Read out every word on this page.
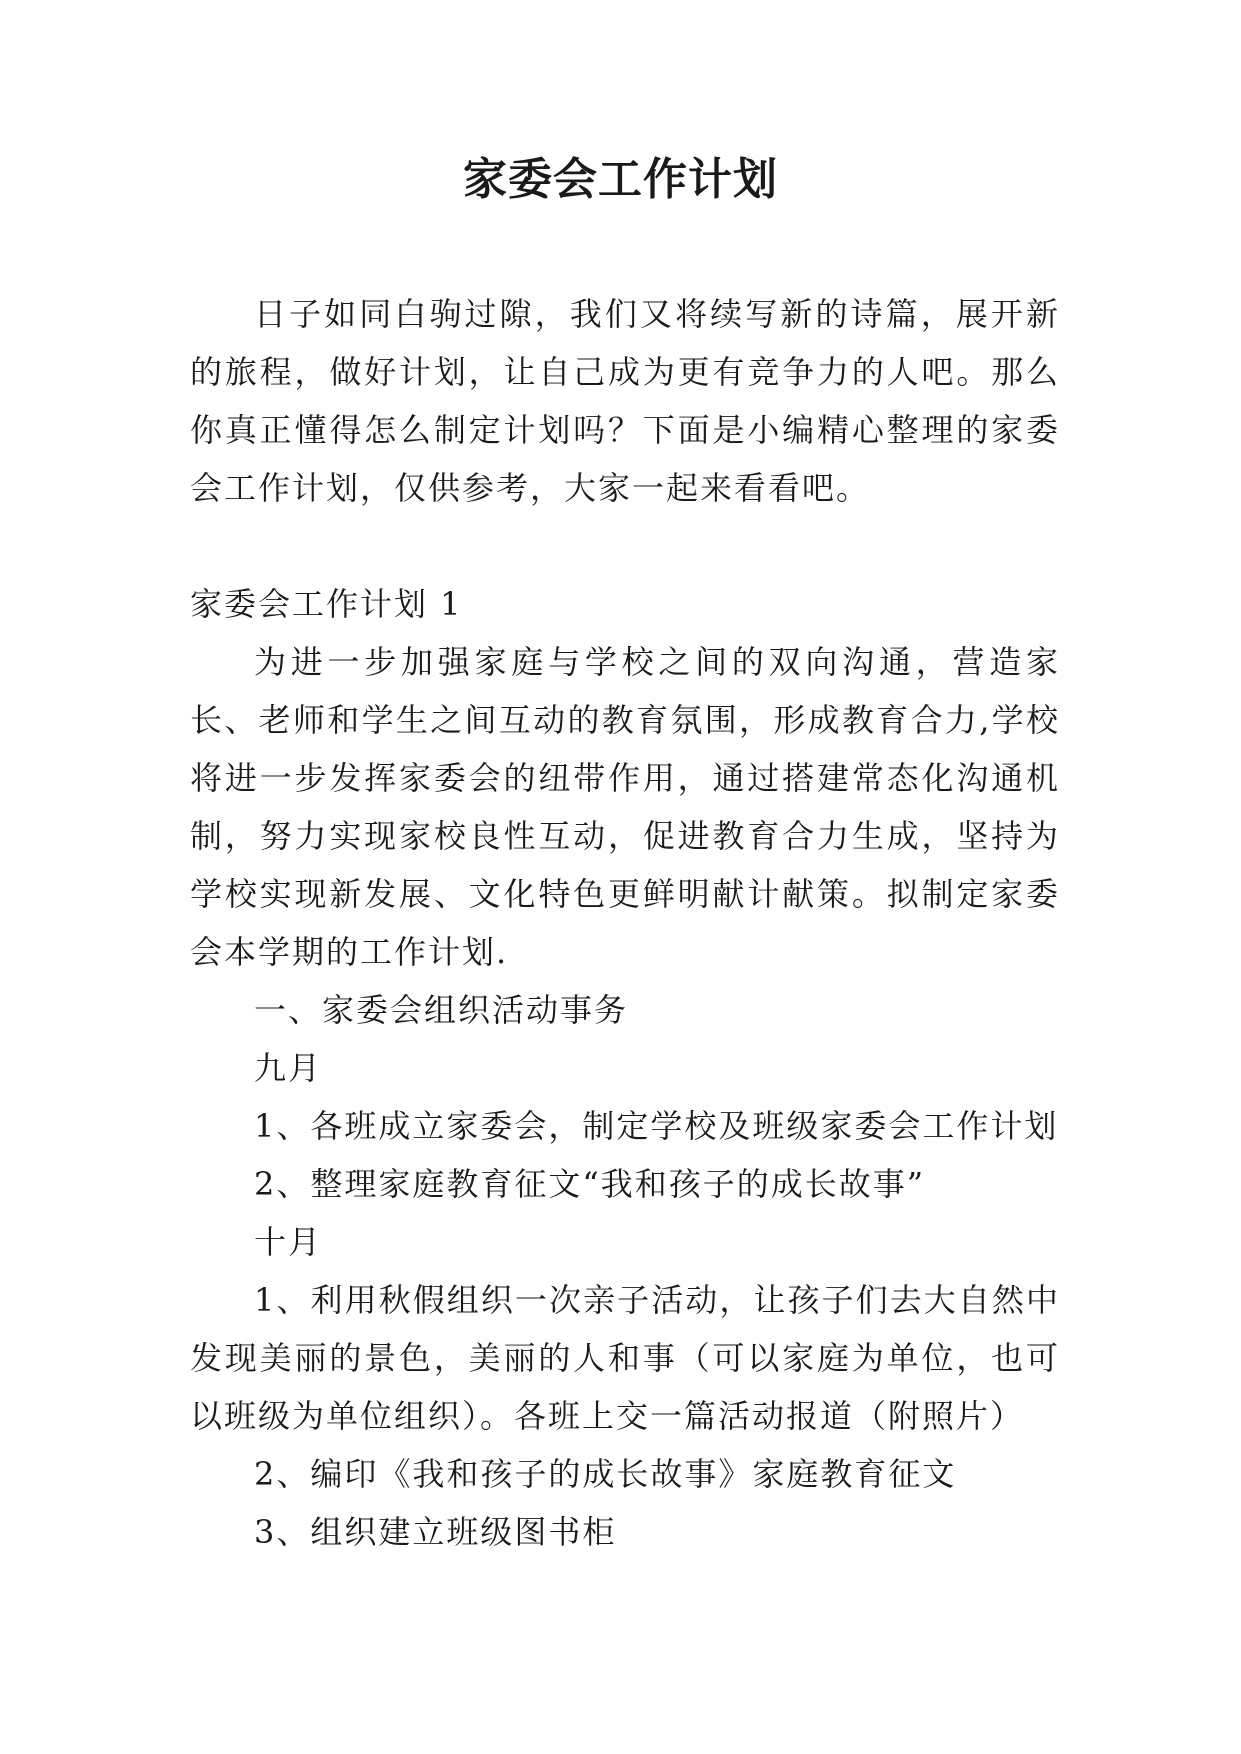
家委会工作计划

日子如同白驹过隙，我们又将续写新的诗篇，展开新的旅程，做好计划，让自己成为更有竞争力的人吧。那么你真正懂得怎么制定计划吗？下面是小编精心整理的家委会工作计划，仅供参考，大家一起来看看吧。

家委会工作计划 1

为进一步加强家庭与学校之间的双向沟通，营造家长、老师和学生之间互动的教育氛围，形成教育合力,学校将进一步发挥家委会的纽带作用，通过搭建常态化沟通机制，努力实现家校良性互动，促进教育合力生成，坚持为学校实现新发展、文化特色更鲜明献计献策。拟制定家委会本学期的工作计划.

一、家委会组织活动事务

九月

1、各班成立家委会，制定学校及班级家委会工作计划

2、整理家庭教育征文“我和孩子的成长故事”

十月

1、利用秋假组织一次亲子活动，让孩子们去大自然中发现美丽的景色，美丽的人和事（可以家庭为单位，也可以班级为单位组织）。各班上交一篇活动报道（附照片）

2、编印《我和孩子的成长故事》家庭教育征文

3、组织建立班级图书柜
